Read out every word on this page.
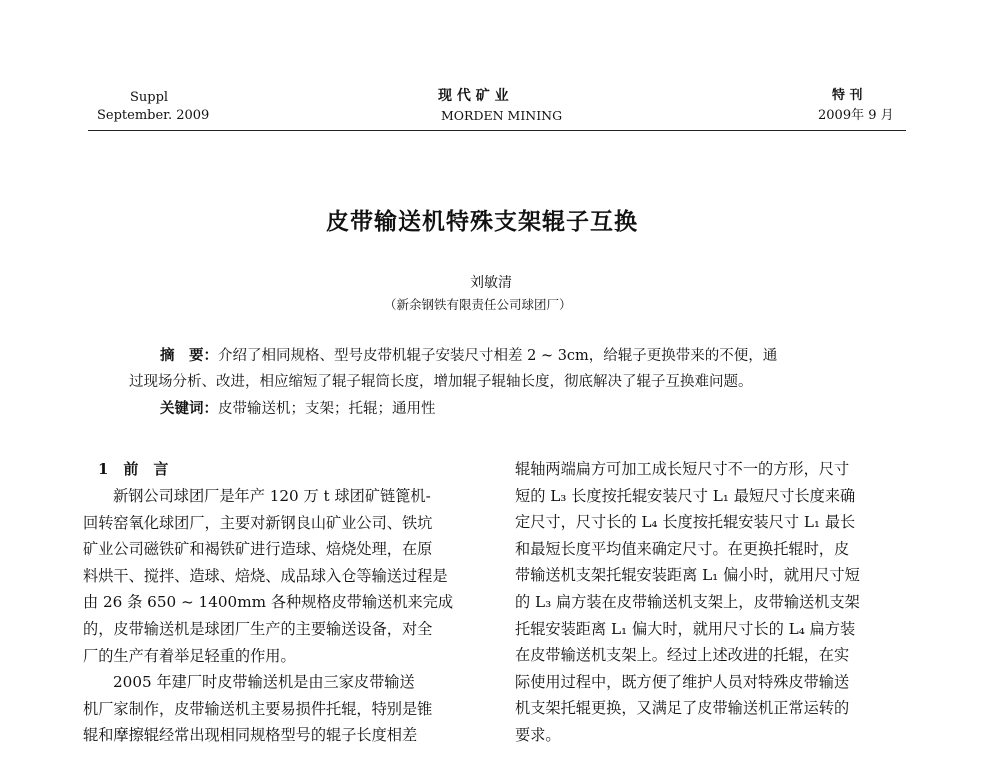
Suppl
September. 2009
现 代 矿 业
MORDEN MINING
特 刊
2009年 9 月
皮带输送机特殊支架辊子互换
刘敏清
（新余钢铁有限责任公司球团厂）
摘　要：介绍了相同规格、型号皮带机辊子安装尺寸相差 2 ~ 3cm，给辊子更换带来的不便，通
过现场分析、改进，相应缩短了辊子辊筒长度，增加辊子辊轴长度，彻底解决了辊子互换难问题。
关键词：皮带输送机；支架；托辊；通用性
1　前　言

新钢公司球团厂是年产 120 万 t 球团矿链篦机-

回转窑氧化球团厂，主要对新钢良山矿业公司、铁坑

矿业公司磁铁矿和褐铁矿进行造球、焙烧处理，在原

料烘干、搅拌、造球、焙烧、成品球入仓等输送过程是

由 26 条 650 ~ 1400mm 各种规格皮带输送机来完成

的，皮带输送机是球团厂生产的主要输送设备，对全

厂的生产有着举足轻重的作用。

2005 年建厂时皮带输送机是由三家皮带输送

机厂家制作，皮带输送机主要易损件托辊，特别是锥

辊和摩擦辊经常出现相同规格型号的辊子长度相差

辊轴两端扁方可加工成长短尺寸不一的方形，尺寸

短的 L₃ 长度按托辊安装尺寸 L₁ 最短尺寸长度来确

定尺寸，尺寸长的 L₄ 长度按托辊安装尺寸 L₁ 最长

和最短长度平均值来确定尺寸。在更换托辊时，皮

带输送机支架托辊安装距离 L₁ 偏小时，就用尺寸短

的 L₃ 扁方装在皮带输送机支架上，皮带输送机支架

托辊安装距离 L₁ 偏大时，就用尺寸长的 L₄ 扁方装

在皮带输送机支架上。经过上述改进的托辊，在实

际使用过程中，既方便了维护人员对特殊皮带输送

机支架托辊更换，又满足了皮带输送机正常运转的

要求。
